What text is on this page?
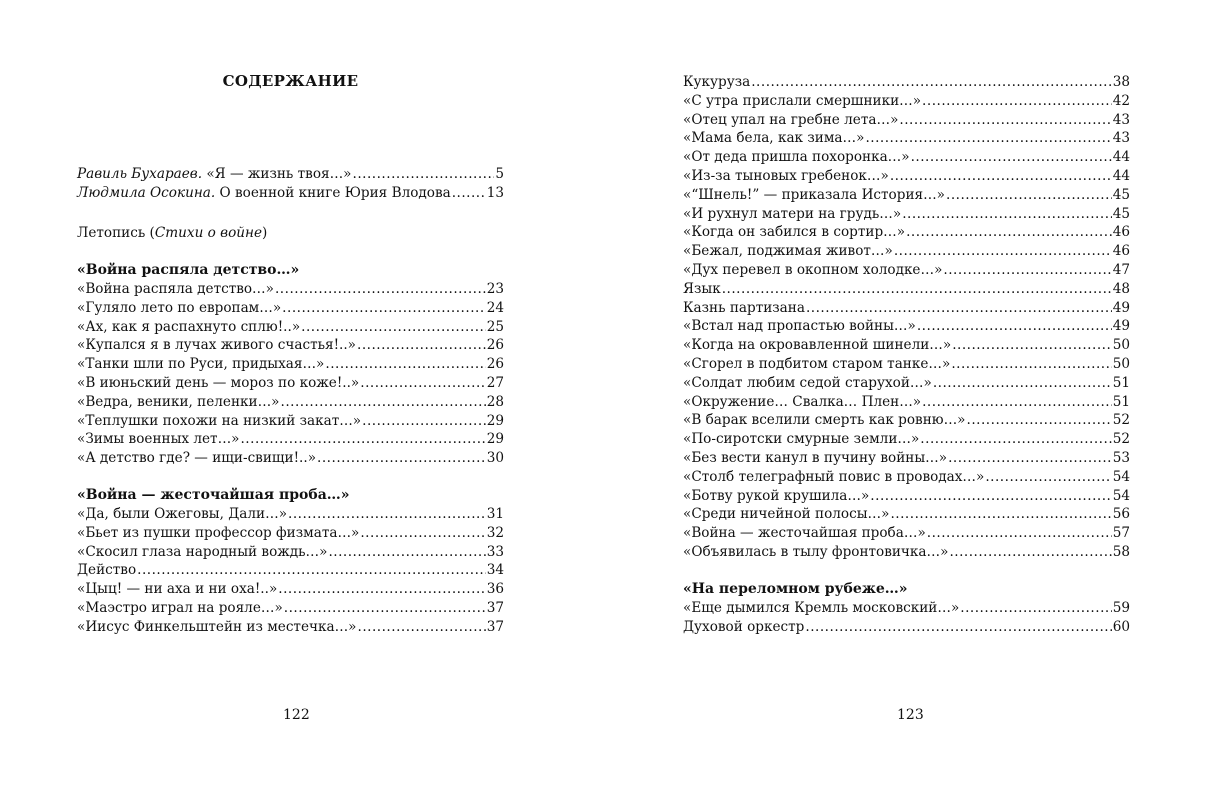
СОДЕРЖАНИЕ
Равиль Бухараев. «Я — жизнь твоя…» .....	5
Людмила Осокина. О военной книге Юрия Влодова .....	13
Летопись (Стихи о войне)
«Война распяла детство…»
«Война распяла детство…» .....	23
«Гуляло лето по европам…» .....	24
«Ах, как я распахнуто сплю!..» .....	25
«Купался я в лучах живого счастья!..» .....	26
«Танки шли по Руси, придыхая…» .....	26
«В июньский день — мороз по коже!..» .....	27
«Ведра, веники, пеленки…» .....	28
«Теплушки похожи на низкий закат…» .....	29
«Зимы военных лет…» .....	29
«А детство где? — ищи-свищи!..» .....	30
«Война — жесточайшая проба…»
«Да, были Ожеговы, Дали…» .....	31
«Бьет из пушки профессор физмата…» .....	32
«Скосил глаза народный вождь…» .....	33
Действо .....	34
«Цыц! — ни аха и ни оха!..» .....	36
«Маэстро играл на рояле…» .....	37
«Иисус Финкельштейн из местечка…» .....	37
122
Кукуруза .....	38
«С утра прислали смершники…» .....	42
«Отец упал на гребне лета…» .....	43
«Мама бела, как зима…» .....	43
«От деда пришла похоронка…» .....	44
«Из-за тыновых гребенок…» .....	44
«“Шнель!” — приказала История…» .....	45
«И рухнул матери на грудь…» .....	45
«Когда он забился в сортир…» .....	46
«Бежал, поджимая живот…» .....	46
«Дух перевел в окопном холодке…» .....	47
Язык .....	48
Казнь партизана .....	49
«Встал над пропастью войны…» .....	49
«Когда на окровавленной шинели…» .....	50
«Сгорел в подбитом старом танке…» .....	50
«Солдат любим седой старухой…» .....	51
«Окружение… Свалка… Плен…» .....	51
«В барак вселили смерть как ровню…» .....	52
«По-сиротски смурные земли…» .....	52
«Без вести канул в пучину войны…» .....	53
«Столб телеграфный повис в проводах…» .....	54
«Ботву рукой крушила…» .....	54
«Среди ничейной полосы…» .....	56
«Война — жесточайшая проба…» .....	57
«Объявилась в тылу фронтовичка…» .....	58
«На переломном рубеже…»
«Еще дымился Кремль московский…» .....	59
Духовой оркестр .....	60
123
